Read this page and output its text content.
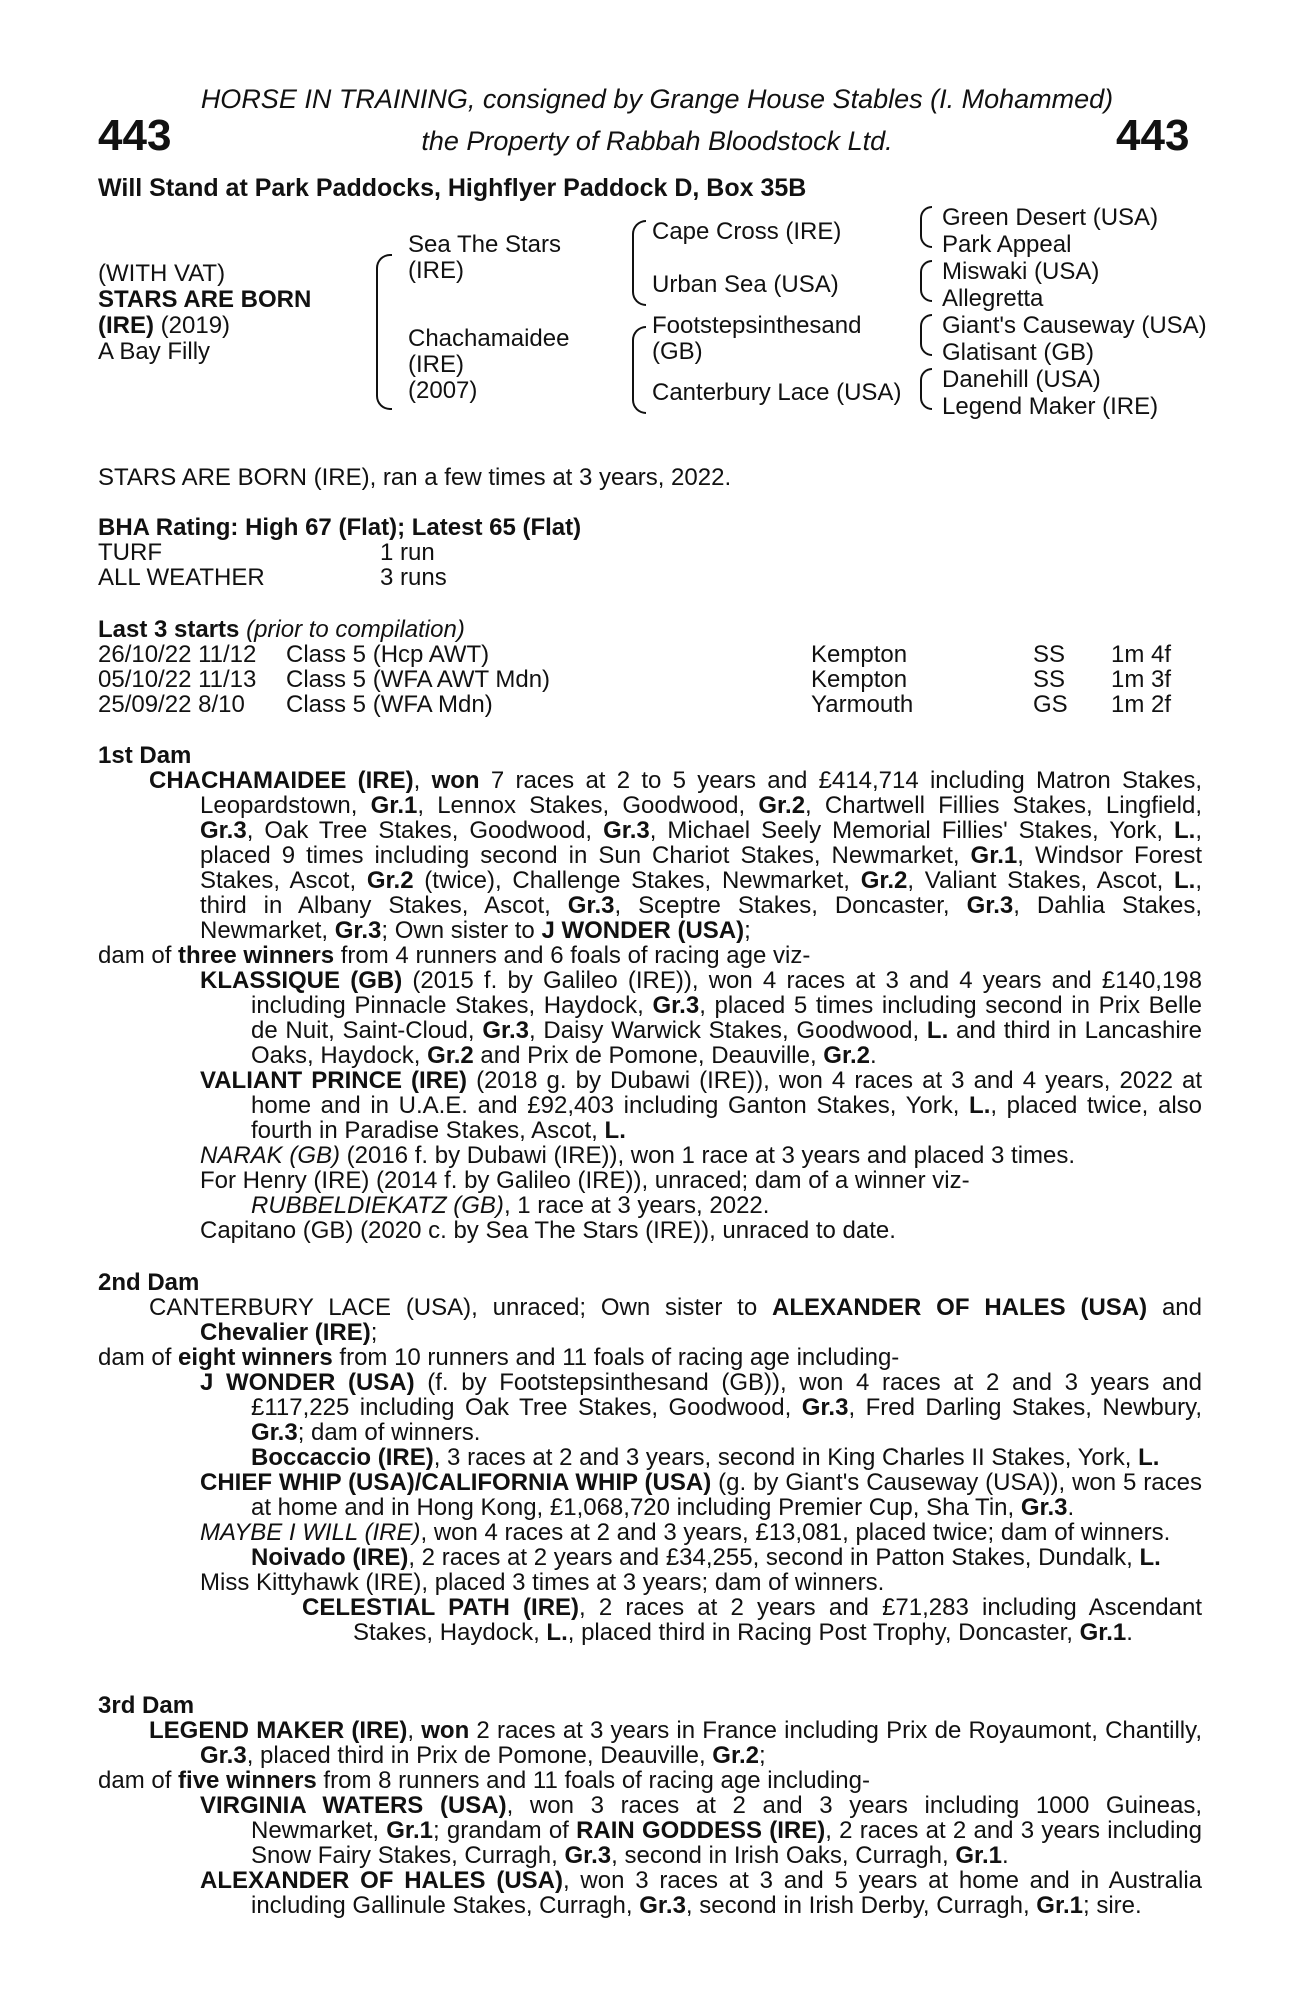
443	443
HORSE IN TRAINING, consigned by Grange House Stables (I. Mohammed)
the Property of Rabbah Bloodstock Ltd.
Will Stand at Park Paddocks, Highflyer Paddock D, Box 35B
(WITH VAT)
STARS ARE BORN
(IRE) (2019)
A Bay Filly
Sea The Stars
(IRE)
Chachamaidee
(IRE)
(2007)
Cape Cross (IRE)
Urban Sea (USA)
Footstepsinthesand
(GB)
Canterbury Lace (USA)
Green Desert (USA)
Park Appeal
Miswaki (USA)
Allegretta
Giant's Causeway (USA)
Glatisant (GB)
Danehill (USA)
Legend Maker (IRE)
STARS ARE BORN (IRE), ran a few times at 3 years, 2022.
BHA Rating: High 67 (Flat); Latest 65 (Flat)
TURF	1 run
ALL WEATHER	3 runs
Last 3 starts (prior to compilation)
26/10/22 11/12	Class 5 (Hcp AWT)	Kempton	SS	1m 4f
05/10/22 11/13	Class 5 (WFA AWT Mdn)	Kempton	SS	1m 3f
25/09/22 8/10	Class 5 (WFA Mdn)	Yarmouth	GS	1m 2f

1st Dam

CHACHAMAIDEE (IRE), won 7 races at 2 to 5 years and £414,714 including Matron Stakes, Leopardstown, Gr.1, Lennox Stakes, Goodwood, Gr.2, Chartwell Fillies Stakes, Lingfield, Gr.3, Oak Tree Stakes, Goodwood, Gr.3, Michael Seely Memorial Fillies' Stakes, York, L., placed 9 times including second in Sun Chariot Stakes, Newmarket, Gr.1, Windsor Forest Stakes, Ascot, Gr.2 (twice), Challenge Stakes, Newmarket, Gr.2, Valiant Stakes, Ascot, L., third in Albany Stakes, Ascot, Gr.3, Sceptre Stakes, Doncaster, Gr.3, Dahlia Stakes, Newmarket, Gr.3; Own sister to J WONDER (USA);

dam of three winners from 4 runners and 6 foals of racing age viz-

KLASSIQUE (GB) (2015 f. by Galileo (IRE)), won 4 races at 3 and 4 years and £140,198 including Pinnacle Stakes, Haydock, Gr.3, placed 5 times including second in Prix Belle de Nuit, Saint-Cloud, Gr.3, Daisy Warwick Stakes, Goodwood, L. and third in Lancashire Oaks, Haydock, Gr.2 and Prix de Pomone, Deauville, Gr.2.

VALIANT PRINCE (IRE) (2018 g. by Dubawi (IRE)), won 4 races at 3 and 4 years, 2022 at home and in U.A.E. and £92,403 including Ganton Stakes, York, L., placed twice, also fourth in Paradise Stakes, Ascot, L.

NARAK (GB) (2016 f. by Dubawi (IRE)), won 1 race at 3 years and placed 3 times.

For Henry (IRE) (2014 f. by Galileo (IRE)), unraced; dam of a winner viz-

RUBBELDIEKATZ (GB), 1 race at 3 years, 2022.

Capitano (GB) (2020 c. by Sea The Stars (IRE)), unraced to date.

2nd Dam

CANTERBURY LACE (USA), unraced; Own sister to ALEXANDER OF HALES (USA) and Chevalier (IRE);

dam of eight winners from 10 runners and 11 foals of racing age including-

J WONDER (USA) (f. by Footstepsinthesand (GB)), won 4 races at 2 and 3 years and £117,225 including Oak Tree Stakes, Goodwood, Gr.3, Fred Darling Stakes, Newbury, Gr.3; dam of winners.

Boccaccio (IRE), 3 races at 2 and 3 years, second in King Charles II Stakes, York, L.

CHIEF WHIP (USA)/CALIFORNIA WHIP (USA) (g. by Giant's Causeway (USA)), won 5 races at home and in Hong Kong, £1,068,720 including Premier Cup, Sha Tin, Gr.3.

MAYBE I WILL (IRE), won 4 races at 2 and 3 years, £13,081, placed twice; dam of winners.

Noivado (IRE), 2 races at 2 years and £34,255, second in Patton Stakes, Dundalk, L.

Miss Kittyhawk (IRE), placed 3 times at 3 years; dam of winners.

CELESTIAL PATH (IRE), 2 races at 2 years and £71,283 including Ascendant Stakes, Haydock, L., placed third in Racing Post Trophy, Doncaster, Gr.1.

3rd Dam

LEGEND MAKER (IRE), won 2 races at 3 years in France including Prix de Royaumont, Chantilly, Gr.3, placed third in Prix de Pomone, Deauville, Gr.2;

dam of five winners from 8 runners and 11 foals of racing age including-

VIRGINIA WATERS (USA), won 3 races at 2 and 3 years including 1000 Guineas, Newmarket, Gr.1; grandam of RAIN GODDESS (IRE), 2 races at 2 and 3 years including Snow Fairy Stakes, Curragh, Gr.3, second in Irish Oaks, Curragh, Gr.1.

ALEXANDER OF HALES (USA), won 3 races at 3 and 5 years at home and in Australia including Gallinule Stakes, Curragh, Gr.3, second in Irish Derby, Curragh, Gr.1; sire.
